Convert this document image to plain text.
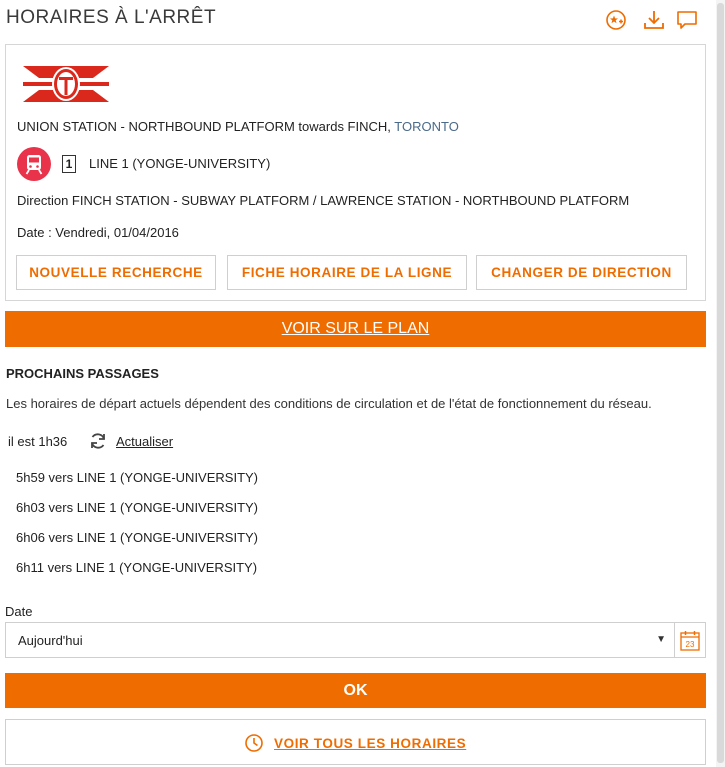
HORAIRES À L'ARRÊT
UNION STATION - NORTHBOUND PLATFORM towards FINCH, TORONTO
1 LINE 1 (YONGE-UNIVERSITY)
Direction FINCH STATION - SUBWAY PLATFORM / LAWRENCE STATION - NORTHBOUND PLATFORM
Date : Vendredi, 01/04/2016
NOUVELLE RECHERCHE	FICHE HORAIRE DE LA LIGNE	CHANGER DE DIRECTION
VOIR SUR LE PLAN
PROCHAINS PASSAGES
Les horaires de départ actuels dépendent des conditions de circulation et de l'état de fonctionnement du réseau.
il est 1h36	Actualiser
5h59 vers LINE 1 (YONGE-UNIVERSITY)
6h03 vers LINE 1 (YONGE-UNIVERSITY)
6h06 vers LINE 1 (YONGE-UNIVERSITY)
6h11 vers LINE 1 (YONGE-UNIVERSITY)
Date
Aujourd'hui	▼ 23
OK
VOIR TOUS LES HORAIRES
